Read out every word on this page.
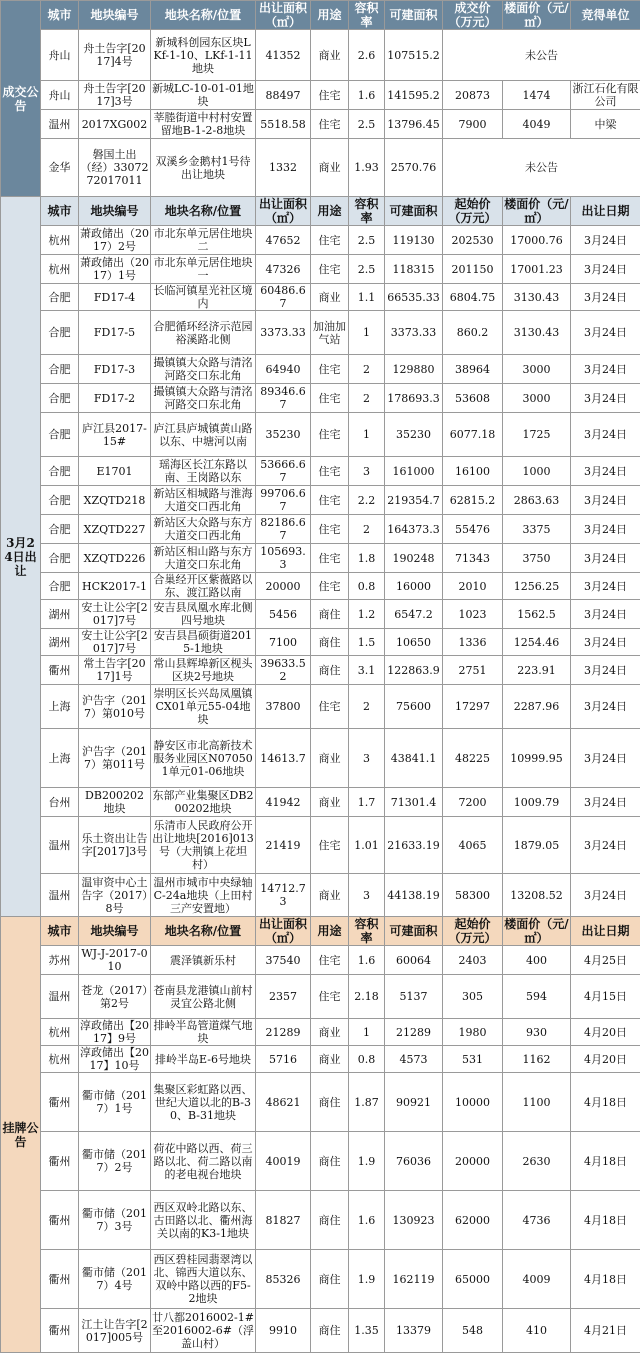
成交公告	城市	地块编号	地块名称/位置	出让面积（㎡）	用途	容积率	可建面积	成交价（万元）	楼面价（元/㎡）	竞得单位
	舟山	舟土告字[2017]4号	新城科创园东区块LKf-1-10、LKf-1-11地块	41352	商业	2.6	107515.2	未公告		
	舟山	舟土告字[2017]3号	新城LC-10-01-01地块	88497	住宅	1.6	141595.2	20873	1474	浙江石化有限公司
	温州	2017XG002	莘塍街道中村村安置留地B-1-2-8地块	5518.58	住宅	2.5	13796.45	7900	4049	中梁
	金华	磐国土出（经）3307272017011	双溪乡金鹅村1号待出让地块	1332	商业	1.93	2570.76	未公告		
3月24日出让	城市	地块编号	地块名称/位置	出让面积（㎡）	用途	容积率	可建面积	起始价（万元）	楼面价（元/㎡）	出让日期
	杭州	萧政储出（2017）2号	市北东单元居住地块二	47652	住宅	2.5	119130	202530	17000.76	3月24日
	杭州	萧政储出（2017）1号	市北东单元居住地块一	47326	住宅	2.5	118315	201150	17001.23	3月24日
	合肥	FD17-4	长临河镇星光社区境内	60486.67	商业	1.1	66535.33	6804.75	3130.43	3月24日
	合肥	FD17-5	合肥循环经济示范园裕溪路北侧	3373.33	加油加气站	1	3373.33	860.2	3130.43	3月24日
	合肥	FD17-3	撮镇镇大众路与清洺河路交口东北角	64940	住宅	2	129880	38964	3000	3月24日
	合肥	FD17-2	撮镇镇大众路与清洺河路交口东北角	89346.67	住宅	2	178693.3	53608	3000	3月24日
	合肥	庐江县2017-15#	庐江县庐城镇黄山路以东、中塘河以南	35230	住宅	1	35230	6077.18	1725	3月24日
	合肥	E1701	瑶海区长江东路以南、王岗路以东	53666.67	住宅	3	161000	16100	1000	3月24日
	合肥	XZQTD218	新站区相城路与淮海大道交口西北角	99706.67	住宅	2.2	219354.7	62815.2	2863.63	3月24日
	合肥	XZQTD227	新站区大众路与东方大道交口西北角	82186.67	住宅	2	164373.3	55476	3375	3月24日
	合肥	XZQTD226	新站区相山路与东方大道交口东北角	105693.3	住宅	1.8	190248	71343	3750	3月24日
	合肥	HCK2017-1	合巢经开区紫薇路以东、渡江路以南	20000	住宅	0.8	16000	2010	1256.25	3月24日
	湖州	安土让公字[2017]7号	安吉县凤凰水库北侧四号地块	5456	商住	1.2	6547.2	1023	1562.5	3月24日
	湖州	安土让公字[2017]7号	安吉县昌硕街道2015-1地块	7100	商住	1.5	10650	1336	1254.46	3月24日
	衢州	常土告字[2017]1号	常山县辉埠新区枧头区块2号地块	39633.52	商住	3.1	122863.9	2751	223.91	3月24日
	上海	沪告字（2017）第010号	崇明区长兴岛凤凰镇CX01单元55-04地块	37800	住宅	2	75600	17297	2287.96	3月24日
	上海	沪告字（2017）第011号	静安区市北高新技术服务业园区N070501单元01-06地块	14613.7	商业	3	43841.1	48225	10999.95	3月24日
	台州	DB200202地块	东部产业集聚区DB200202地块	41942	商业	1.7	71301.4	7200	1009.79	3月24日
	温州	乐土资出让告字[2017]3号	乐清市人民政府公开出让地块[2016]013号（大荆镇上花坦村）	21419	住宅	1.01	21633.19	4065	1879.05	3月24日
	温州	温审资中心土告字（2017）8号	温州市城市中央绿轴C-24a地块（上田村三产安置地）	14712.73	商业	3	44138.19	58300	13208.52	3月24日
挂牌公告	城市	地块编号	地块名称/位置	出让面积（㎡）	用途	容积率	可建面积	起始价（万元）	楼面价（元/㎡）	出让日期
	苏州	WJ-J-2017-010	震泽镇新乐村	37540	住宅	1.6	60064	2403	400	4月25日
	温州	苍龙（2017）第2号	苍南县龙港镇山前村灵宜公路北侧	2357	住宅	2.18	5137	305	594	4月15日
	杭州	淳政储出【2017】9号	排岭半岛管道煤气地块	21289	商业	1	21289	1980	930	4月20日
	杭州	淳政储出【2017】10号	排岭半岛E-6号地块	5716	商业	0.8	4573	531	1162	4月20日
	衢州	衢市储（2017）1号	集聚区彩虹路以西、世纪大道以北的B-30、B-31地块	48621	商住	1.87	90921	10000	1100	4月18日
	衢州	衢市储（2017）2号	荷花中路以西、荷三路以北、荷二路以南的老电视台地块	40019	商住	1.9	76036	20000	2630	4月18日
	衢州	衢市储（2017）3号	西区双岭北路以东、古田路以北、衢州海关以南的K3-1地块	81827	商住	1.6	130923	62000	4736	4月18日
	衢州	衢市储（2017）4号	西区碧桂园翡翠湾以北、锦西大道以东、双岭中路以西的F5-2地块	85326	商住	1.9	162119	65000	4009	4月18日
	衢州	江土让告字[2017]005号	廿八都2016002-1#至2016002-6#（浮盖山村）	9910	商住	1.35	13379	548	410	4月21日
